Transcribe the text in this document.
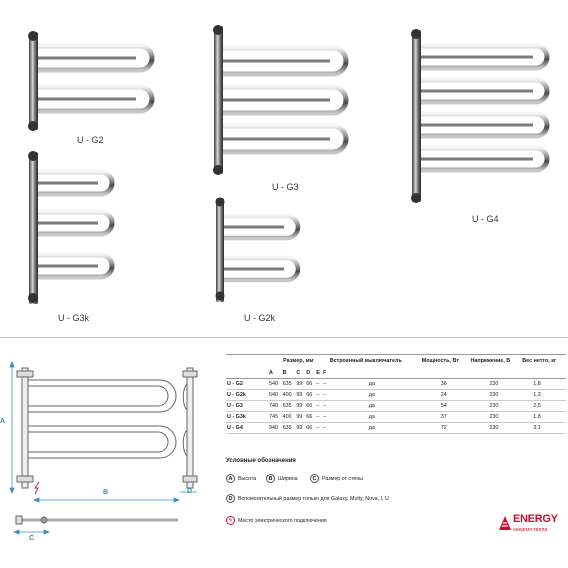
U - G2
U - G3
U - G4
U - G3k	U - G2k
A
B
C
D
	Размер, мм						Встроенный выключатель	Мощность, Вт	Напряжение, В	Вес нетто, кг
	A	B	C	D	E	F				
U - G2	540	635	99	66	–	–	да	36	230	1,8
U - G2k	540	400	99	66	–	–	да	24	230	1,3
U - G3	740	635	99	66	–	–	да	54	230	2,5
U - G3k	745	400	99	66	–	–	да	37	230	1,8
U - G4	940	635	99	66	–	–	да	72	230	3,1
Условные обозначения
A	Высота	B	Ширина	C	Размер от стены
D	Вспомогательный размер только для Galaxy, Multy, Nova, I, U
ϟ	Место электрического подключения	ENERGY
энергия тепла
